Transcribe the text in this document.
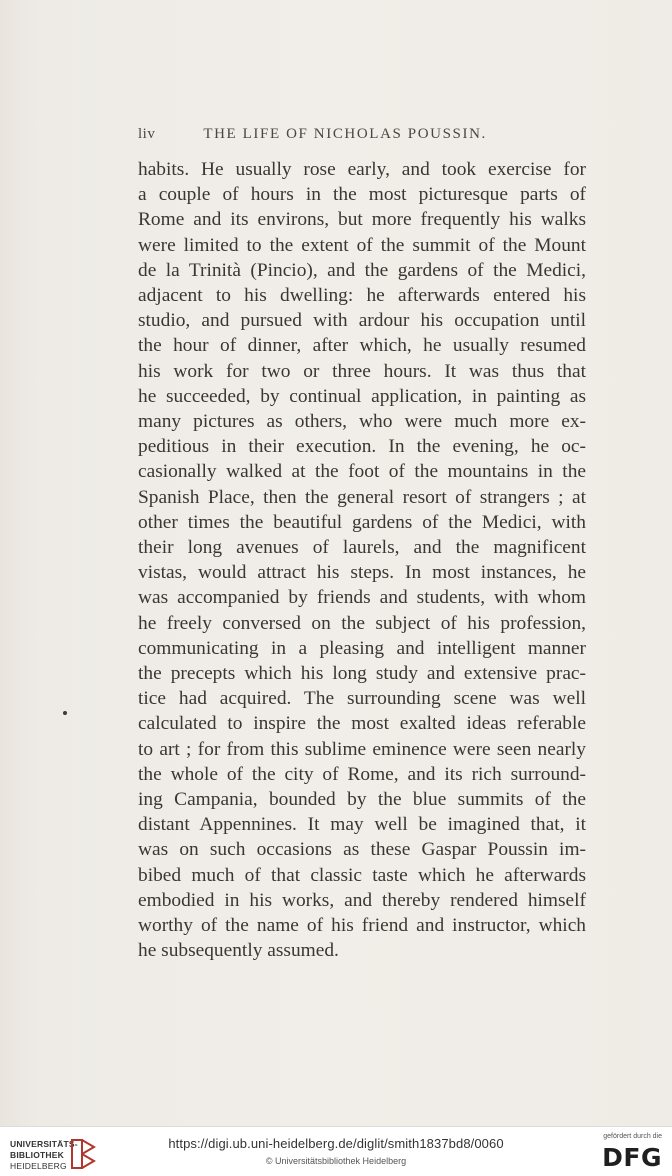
liv	THE LIFE OF NICHOLAS POUSSIN.
habits. He usually rose early, and took exercise for
a couple of hours in the most picturesque parts of
Rome and its environs, but more frequently his walks
were limited to the extent of the summit of the Mount
de la Trinità (Pincio), and the gardens of the Medici,
adjacent to his dwelling: he afterwards entered his
studio, and pursued with ardour his occupation until
the hour of dinner, after which, he usually resumed
his work for two or three hours. It was thus that
he succeeded, by continual application, in painting as
many pictures as others, who were much more ex-
peditious in their execution. In the evening, he oc-
casionally walked at the foot of the mountains in the
Spanish Place, then the general resort of strangers ; at
other times the beautiful gardens of the Medici, with
their long avenues of laurels, and the magnificent
vistas, would attract his steps. In most instances, he
was accompanied by friends and students, with whom
he freely conversed on the subject of his profession,
communicating in a pleasing and intelligent manner
the precepts which his long study and extensive prac-
tice had acquired. The surrounding scene was well
calculated to inspire the most exalted ideas referable
to art ; for from this sublime eminence were seen nearly
the whole of the city of Rome, and its rich surround-
ing Campania, bounded by the blue summits of the
distant Appennines. It may well be imagined that, it
was on such occasions as these Gaspar Poussin im-
bibed much of that classic taste which he afterwards
embodied in his works, and thereby rendered himself
worthy of the name of his friend and instructor, which
he subsequently assumed.
UNIVERSITÄTS-
BIBLIOTHEK
HEIDELBERG
https://digi.ub.uni-heidelberg.de/diglit/smith1837bd8/0060
© Universitätsbibliothek Heidelberg
gefördert durch die
DFG
